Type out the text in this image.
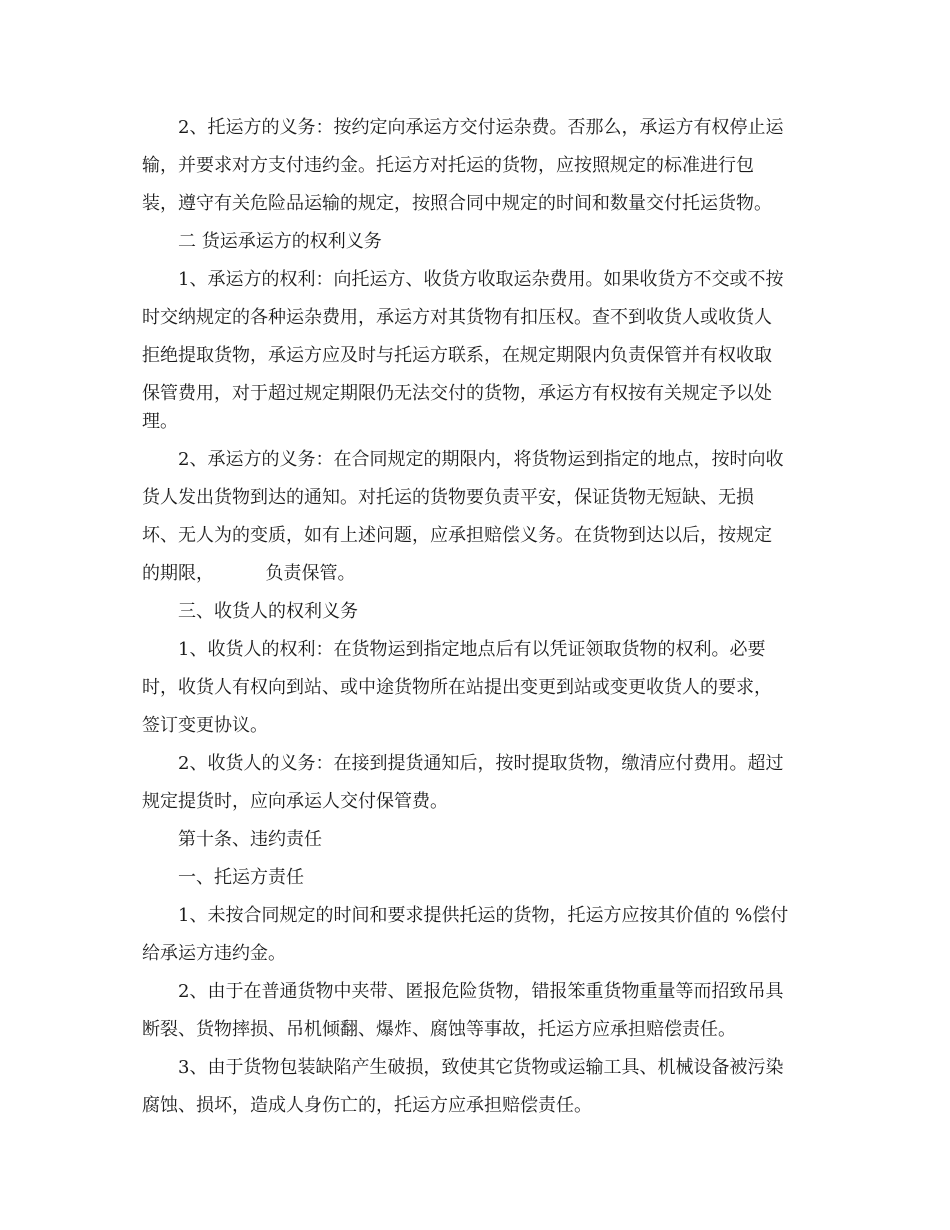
2、托运方的义务：按约定向承运方交付运杂费。否那么，承运方有权停止运
输，并要求对方支付违约金。托运方对托运的货物，应按照规定的标准进行包
装，遵守有关危险品运输的规定，按照合同中规定的时间和数量交付托运货物。
二 货运承运方的权利义务
1、承运方的权利：向托运方、收货方收取运杂费用。如果收货方不交或不按
时交纳规定的各种运杂费用，承运方对其货物有扣压权。查不到收货人或收货人
拒绝提取货物，承运方应及时与托运方联系，在规定期限内负责保管并有权收取
保管费用，对于超过规定期限仍无法交付的货物，承运方有权按有关规定予以处
理。
2、承运方的义务：在合同规定的期限内，将货物运到指定的地点，按时向收
货人发出货物到达的通知。对托运的货物要负责平安，保证货物无短缺、无损
坏、无人为的变质，如有上述问题，应承担赔偿义务。在货物到达以后，按规定
的期限，         负责保管。
三、收货人的权利义务
1、收货人的权利：在货物运到指定地点后有以凭证领取货物的权利。必要
时，收货人有权向到站、或中途货物所在站提出变更到站或变更收货人的要求，
签订变更协议。
2、收货人的义务：在接到提货通知后，按时提取货物，缴清应付费用。超过
规定提货时，应向承运人交付保管费。
第十条、违约责任
一、托运方责任
1、未按合同规定的时间和要求提供托运的货物，托运方应按其价值的 %偿付
给承运方违约金。
2、由于在普通货物中夹带、匿报危险货物，错报笨重货物重量等而招致吊具
断裂、货物摔损、吊机倾翻、爆炸、腐蚀等事故，托运方应承担赔偿责任。
3、由于货物包装缺陷产生破损，致使其它货物或运输工具、机械设备被污染
腐蚀、损坏，造成人身伤亡的，托运方应承担赔偿责任。
